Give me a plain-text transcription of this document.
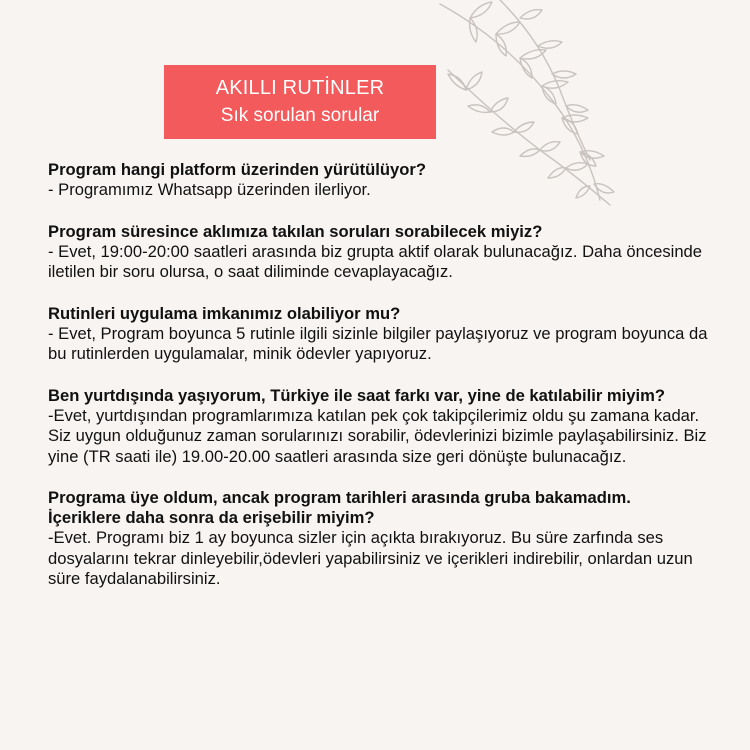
AKILLI RUTİNLER
Sık sorulan sorular

Program hangi platform üzerinden yürütülüyor?

- Programımız Whatsapp üzerinden ilerliyor.

Program süresince aklımıza takılan soruları sorabilecek miyiz?

- Evet, 19:00-20:00 saatleri arasında biz grupta aktif olarak bulunacağız. Daha öncesinde iletilen bir soru olursa, o saat diliminde cevaplayacağız.

Rutinleri uygulama imkanımız olabiliyor mu?

- Evet, Program boyunca 5 rutinle ilgili sizinle bilgiler paylaşıyoruz ve program boyunca da bu rutinlerden uygulamalar, minik ödevler yapıyoruz.

Ben yurtdışında yaşıyorum, Türkiye ile saat farkı var, yine de katılabilir miyim?

-Evet, yurtdışından programlarımıza katılan pek çok takipçilerimiz oldu şu zamana kadar. Siz uygun olduğunuz zaman sorularınızı sorabilir, ödevlerinizi bizimle paylaşabilirsiniz. Biz yine (TR saati ile) 19.00-20.00 saatleri arasında size geri dönüşte bulunacağız.

Programa üye oldum, ancak program tarihleri arasında gruba bakamadım. İçeriklere daha sonra da erişebilir miyim?

-Evet. Programı biz 1 ay boyunca sizler için açıkta bırakıyoruz. Bu süre zarfında ses dosyalarını tekrar dinleyebilir,ödevleri yapabilirsiniz ve içerikleri indirebilir, onlardan uzun süre faydalanabilirsiniz.
